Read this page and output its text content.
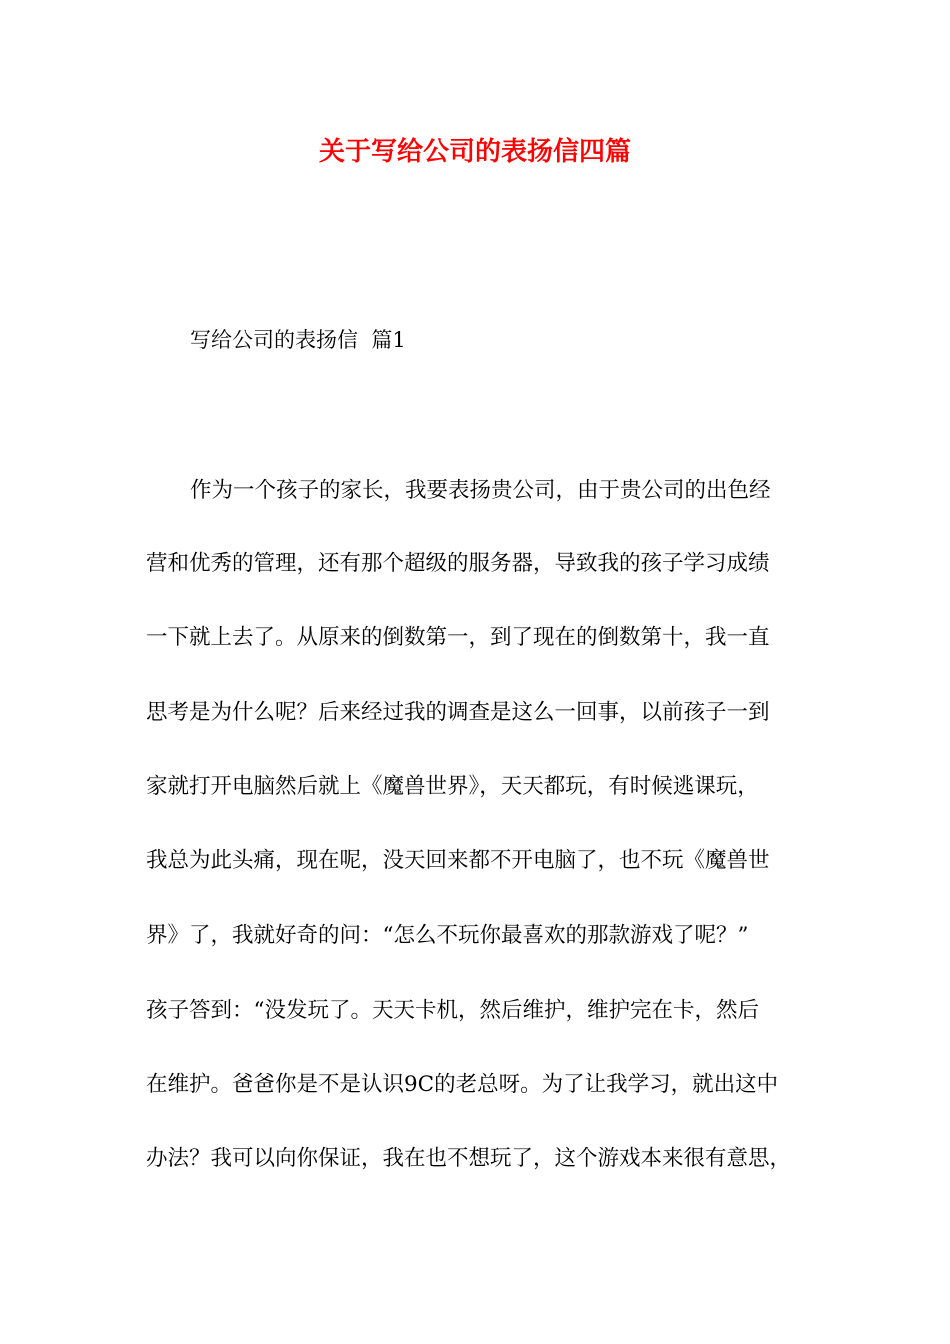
关于写给公司的表扬信四篇
写给公司的表扬信  篇1
作为一个孩子的家长，我要表扬贵公司，由于贵公司的出色经
营和优秀的管理，还有那个超级的服务器，导致我的孩子学习成绩
一下就上去了。从原来的倒数第一，到了现在的倒数第十，我一直
思考是为什么呢？后来经过我的调查是这么一回事，以前孩子一到
家就打开电脑然后就上《魔兽世界》，天天都玩，有时候逃课玩，
我总为此头痛，现在呢，没天回来都不开电脑了，也不玩《魔兽世
界》了，我就好奇的问：“怎么不玩你最喜欢的那款游戏了呢？”
孩子答到：“没发玩了。天天卡机，然后维护，维护完在卡，然后
在维护。爸爸你是不是认识9C的老总呀。为了让我学习，就出这中
办法？我可以向你保证，我在也不想玩了，这个游戏本来很有意思，
